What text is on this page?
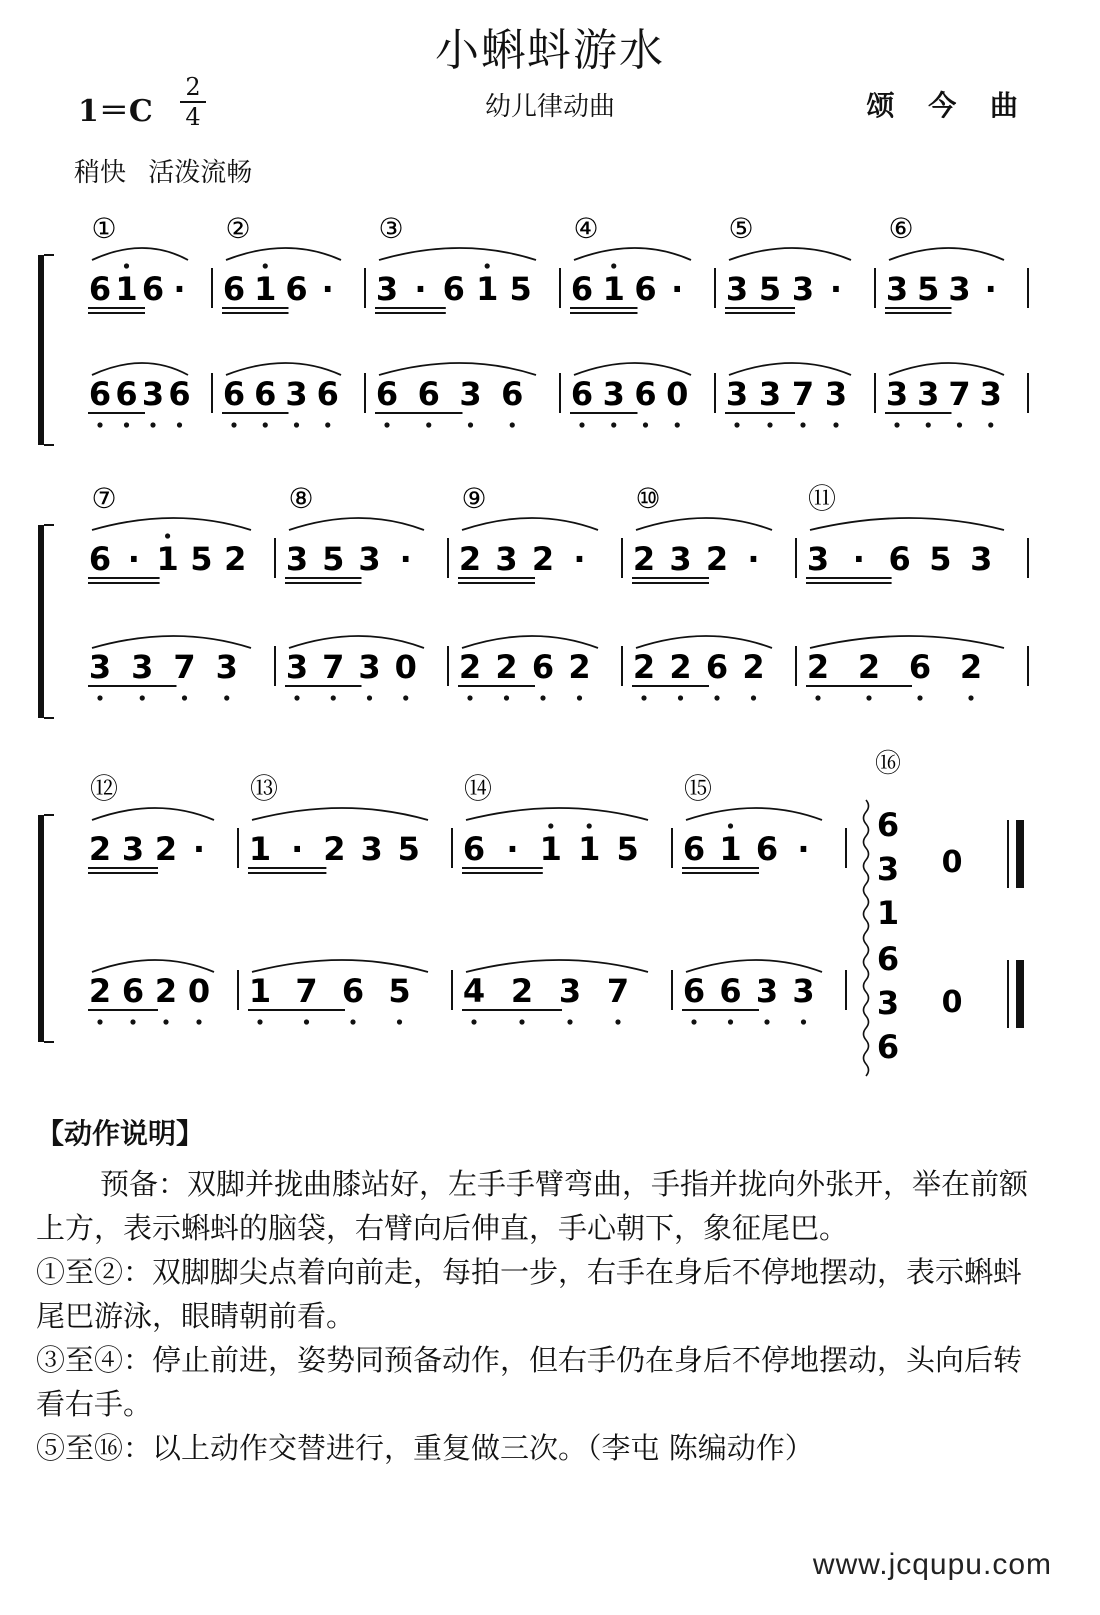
小蝌蚪游水
1＝C
2
4	幼儿律动曲	颂 今 曲
稍快 活泼流畅
①
6 1 6 ·
6 6 3 6
②
6 1 6 ·
6 6 3 6
③
3 · 6 1 5
6 6 3 6
④
6 1 6 ·
6 3 6 0
⑤
3 5 3 ·
3 3 7 3
⑥
3 5 3 ·
3 3 7 3
⑦
6 · 1 5 2
3 3 7 3
⑧
3 5 3 ·
3 7 3 0
⑨
2 3 2 ·
2 2 6 2
⑩
2 3 2 ·
2 2 6 2
⑪
3 · 6 5 3
2 2 6 2
⑫
2 3 2 ·
2 6 2 0
⑬
1 · 2 3 5
1 7 6 5
⑭
6 · 1 1 5
4 2 3 7
⑮
6 1 6 ·
6 6 3 3
⑯
6
3
1
6
3
6
0
0
【动作说明】

预备：双脚并拢曲膝站好，左手手臂弯曲，手指并拢向外张开，举在前额上方，表示蝌蚪的脑袋，右臂向后伸直，手心朝下，象征尾巴。

①至②：双脚脚尖点着向前走，每拍一步，右手在身后不停地摆动，表示蝌蚪尾巴游泳，眼睛朝前看。

③至④：停止前进，姿势同预备动作，但右手仍在身后不停地摆动，头向后转看右手。

⑤至⑯：以上动作交替进行，重复做三次。（李屯 陈编动作）

www.jcqupu.com
